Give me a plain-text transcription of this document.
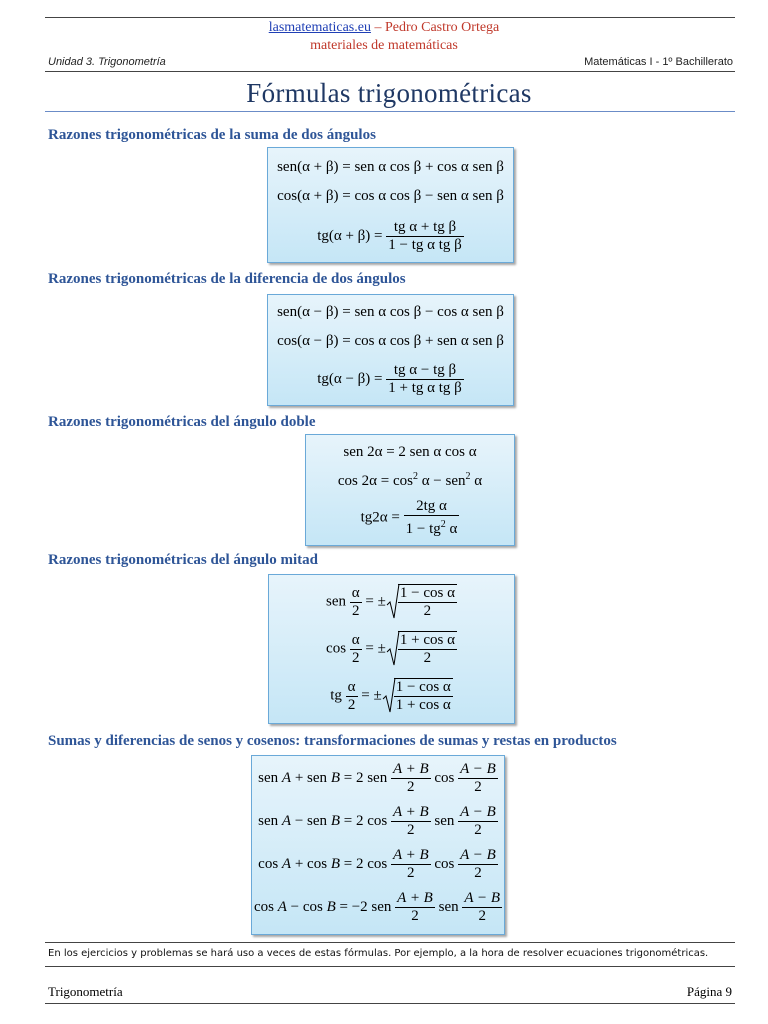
lasmatematicas.eu – Pedro Castro Ortega
materiales de matemáticas
Unidad 3. Trigonometría	Matemáticas I - 1º Bachillerato
Fórmulas trigonométricas
Razones trigonométricas de la suma de dos ángulos
sen(α + β) = sen α cos β + cos α sen β
cos(α + β) = cos α cos β − sen α sen β
$tg(\alpha + \beta) = \frac{\text{tg α + tg β}}{\text{1 − tg α tg β}}$
Razones trigonométricas de la diferencia de dos ángulos
sen(α − β) = sen α cos β − cos α sen β
cos(α − β) = cos α cos β + sen α sen β
$tg(\alpha - \beta) = \frac{\text{tg α − tg β}}{\text{1 + tg α tg β}}$
Razones trigonométricas del ángulo doble
sen 2α = 2 sen α cos α
$\cos 2\alpha = \cos^2 \alpha - sen^2$ α
$tg2\alpha = \frac{\text{2tg α}}{1 - tg^2 \alpha}$
Razones trigonométricas del ángulo mitad
sen $\frac{\alpha}{2}$ = ± $\frac{\text{1 − cos α}}{2}$
$\cos \frac{\alpha}{2}$ = ± $\frac{\text{1 + cos α}}{2}$
tg $\frac{\alpha}{2}$ = ± $\frac{\text{1 − cos α}}{\text{1 + cos α}}$
Sumas y diferencias de senos y cosenos: transformaciones de sumas y restas en productos
sen A + sen B = 2 sen $\frac{A + B}{2}$ $\cos \frac{A - B}{2}$
sen A − sen B = 2 $\cos \frac{A + B}{2}$ sen $\frac{A - B}{2}$
cos A + cos B = 2 $\cos \frac{A + B}{2}$ $\cos \frac{A - B}{2}$
cos A − cos B = −2 sen $\frac{A + B}{2}$ sen $\frac{A - B}{2}$
En los ejercicios y problemas se hará uso a veces de estas fórmulas. Por ejemplo, a la hora de resolver ecuaciones trigonométricas.
Trigonometría	Página 9
